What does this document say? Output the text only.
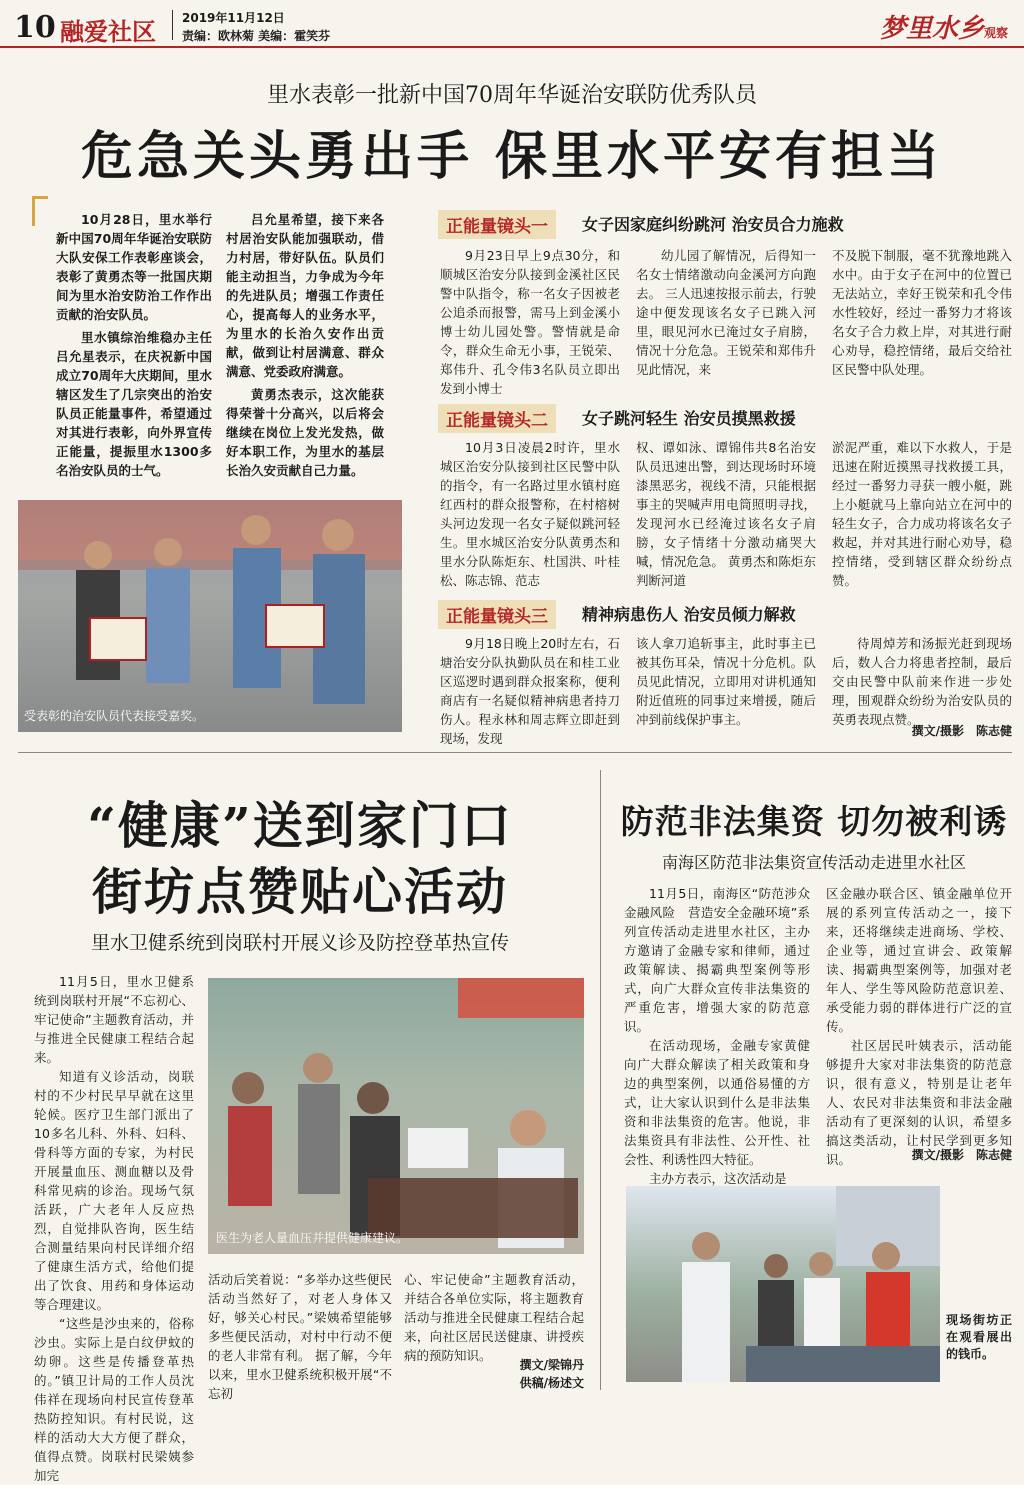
10 融爱社区 2019年11月12日
责编：欧林菊 美编：霍笑芬	梦里水乡观察
里水表彰一批新中国70周年华诞治安联防优秀队员
危急关头勇出手 保里水平安有担当

10月28日，里水举行新中国70周年华诞治安联防大队安保工作表彰座谈会，表彰了黄勇杰等一批国庆期间为里水治安防治工作作出贡献的治安队员。

里水镇综治维稳办主任吕允星表示，在庆祝新中国成立70周年大庆期间，里水辖区发生了几宗突出的治安队员正能量事件，希望通过对其进行表彰，向外界宣传正能量，提振里水1300多名治安队员的士气。

吕允星希望，接下来各村居治安队能加强联动，借力村居，带好队伍。队员们能主动担当，力争成为今年的先进队员；增强工作责任心，提高每人的业务水平，为里水的长治久安作出贡献，做到让村居满意、群众满意、党委政府满意。

黄勇杰表示，这次能获得荣誉十分高兴，以后将会继续在岗位上发光发热，做好本职工作，为里水的基层长治久安贡献自己力量。

受表彰的治安队员代表接受嘉奖。
正能量镜头一	女子因家庭纠纷跳河 治安员合力施救

9月23日早上9点30分，和顺城区治安分队接到金溪社区民警中队指令，称一名女子因被老公追杀而报警，需马上到金溪小博士幼儿园处警。警情就是命令，群众生命无小事，王锐荣、郑伟升、孔令伟3名队员立即出发到小博士

幼儿园了解情况，后得知一名女士情绪激动向金溪河方向跑去。 三人迅速按报示前去，行驶途中便发现该名女子已跳入河里，眼见河水已淹过女子肩膀，情况十分危急。王锐荣和郑伟升见此情况，来

不及脱下制服，毫不犹豫地跳入水中。由于女子在河中的位置已无法站立，幸好王锐荣和孔令伟水性较好，经过一番努力才将该名女子合力救上岸，对其进行耐心劝导，稳控情绪，最后交给社区民警中队处理。

正能量镜头二	女子跳河轻生 治安员摸黑救援

10月3日凌晨2时许，里水城区治安分队接到社区民警中队的指令，有一名路过里水镇村庭红西村的群众报警称，在村榕树头河边发现一名女子疑似跳河轻生。里水城区治安分队黄勇杰和里水分队陈炬东、杜国洪、叶桂松、陈志锦、范志

权、谭如泳、谭锦伟共8名治安队员迅速出警，到达现场时环境漆黑恶劣，视线不清，只能根据事主的哭喊声用电筒照明寻找，发现河水已经淹过该名女子肩膀，女子情绪十分激动痛哭大喊，情况危急。 黄勇杰和陈炬东判断河道

淤泥严重，难以下水救人，于是迅速在附近摸黑寻找救援工具，经过一番努力寻获一艘小艇，跳上小艇就马上靠向站立在河中的轻生女子，合力成功将该名女子救起，并对其进行耐心劝导，稳控情绪，受到辖区群众纷纷点赞。

正能量镜头三	精神病患伤人 治安员倾力解救

9月18日晚上20时左右，石塘治安分队执勤队员在和桂工业区巡逻时遇到群众报案称，便利商店有一名疑似精神病患者持刀伤人。程永林和周志辉立即赶到现场，发现

该人拿刀追斩事主，此时事主已被其伤耳朵，情况十分危机。队员见此情况，立即用对讲机通知附近值班的同事过来增援，随后冲到前线保护事主。

待周焯芳和汤振光赶到现场后，数人合力将患者控制，最后交由民警中队前来作进一步处理，围观群众纷纷为治安队员的英勇表现点赞。

撰文/摄影　陈志健
“健康”送到家门口
街坊点赞贴心活动
里水卫健系统到岗联村开展义诊及防控登革热宣传

11月5日，里水卫健系统到岗联村开展“不忘初心、牢记使命”主题教育活动，并与推进全民健康工程结合起来。

知道有义诊活动，岗联村的不少村民早早就在这里轮候。医疗卫生部门派出了10多名儿科、外科、妇科、骨科等方面的专家，为村民开展量血压、测血糖以及骨科常见病的诊治。现场气氛活跃，广大老年人反应热烈，自觉排队咨询，医生结合测量结果向村民详细介绍了健康生活方式，给他们提出了饮食、用药和身体运动等合理建议。

“这些是沙虫来的，俗称沙虫。实际上是白纹伊蚊的幼卵。这些是传播登革热的。”镇卫计局的工作人员沈伟祥在现场向村民宣传登革热防控知识。有村民说，这样的活动大大方便了群众，值得点赞。岗联村民梁姨参加完

医生为老人量血压并提供健康建议。

活动后笑着说：“多举办这些便民活动当然好了，对老人身体又好，够关心村民。”梁姨希望能够多些便民活动，对村中行动不便的老人非常有利。 据了解，今年以来，里水卫健系统积极开展“不忘初

心、牢记使命”主题教育活动，并结合各单位实际，将主题教育活动与推进全民健康工程结合起来，向社区居民送健康、讲授疾病的预防知识。

撰文/梁锦丹
供稿/杨述文
防范非法集资 切勿被利诱
南海区防范非法集资宣传活动走进里水社区

11月5日，南海区“防范涉众金融风险　营造安全金融环境”系列宣传活动走进里水社区，主办方邀请了金融专家和律师，通过政策解读、揭霸典型案例等形式，向广大群众宣传非法集资的严重危害，增强大家的防范意识。

在活动现场，金融专家黄健向广大群众解读了相关政策和身边的典型案例，以通俗易懂的方式，让大家认识到什么是非法集资和非法集资的危害。他说，非法集资具有非法性、公开性、社会性、利诱性四大特征。

主办方表示，这次活动是

区金融办联合区、镇金融单位开展的系列宣传活动之一，接下来，还将继续走进商场、学校、企业等，通过宣讲会、政策解读、揭霸典型案例等，加强对老年人、学生等风险防范意识差、承受能力弱的群体进行广泛的宣传。

社区居民叶姨表示，活动能够提升大家对非法集资的防范意识，很有意义，特别是让老年人、农民对非法集资和非法金融活动有了更深刻的认识，希望多搞这类活动，让村民学到更多知识。	撰文/摄影　陈志健

现场街坊正在观看展出的钱币。
